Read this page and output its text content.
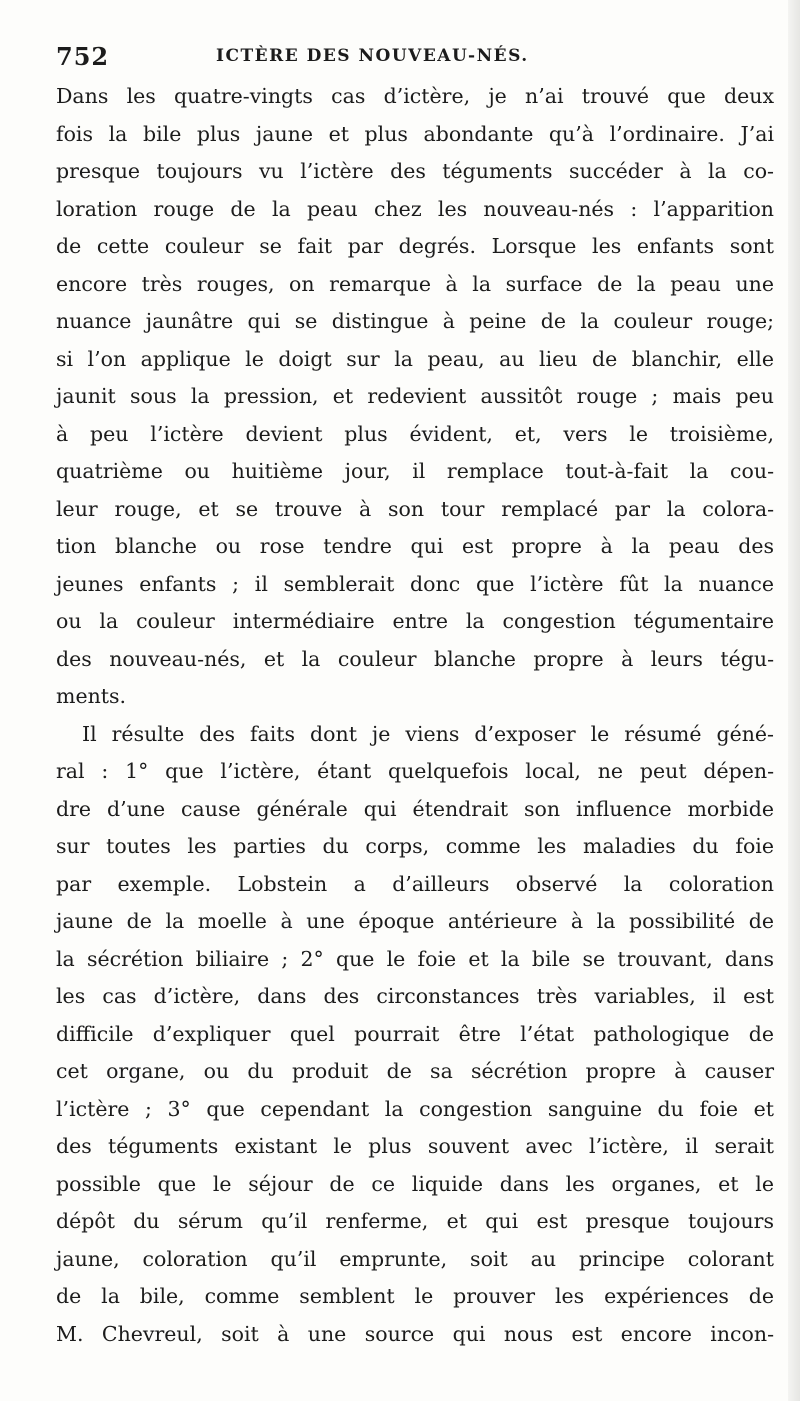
752	ICTÈRE DES NOUVEAU-NÉS.
Dans les quatre-vingts cas d’ictère, je n’ai trouvé que deux
fois la bile plus jaune et plus abondante qu’à l’ordinaire. J’ai
presque toujours vu l’ictère des téguments succéder à la co-
loration rouge de la peau chez les nouveau-nés : l’apparition
de cette couleur se fait par degrés. Lorsque les enfants sont
encore très rouges, on remarque à la surface de la peau une
nuance jaunâtre qui se distingue à peine de la couleur rouge;
si l’on applique le doigt sur la peau, au lieu de blanchir, elle
jaunit sous la pression, et redevient aussitôt rouge ; mais peu
à peu l’ictère devient plus évident, et, vers le troisième,
quatrième ou huitième jour, il remplace tout-à-fait la cou-
leur rouge, et se trouve à son tour remplacé par la colora-
tion blanche ou rose tendre qui est propre à la peau des
jeunes enfants ; il semblerait donc que l’ictère fût la nuance
ou la couleur intermédiaire entre la congestion tégumentaire
des nouveau-nés, et la couleur blanche propre à leurs tégu-
ments.
Il résulte des faits dont je viens d’exposer le résumé géné-
ral : 1° que l’ictère, étant quelquefois local, ne peut dépen-
dre d’une cause générale qui étendrait son influence morbide
sur toutes les parties du corps, comme les maladies du foie
par exemple. Lobstein a d’ailleurs observé la coloration
jaune de la moelle à une époque antérieure à la possibilité de
la sécrétion biliaire ; 2° que le foie et la bile se trouvant, dans
les cas d’ictère, dans des circonstances très variables, il est
difficile d’expliquer quel pourrait être l’état pathologique de
cet organe, ou du produit de sa sécrétion propre à causer
l’ictère ; 3° que cependant la congestion sanguine du foie et
des téguments existant le plus souvent avec l’ictère, il serait
possible que le séjour de ce liquide dans les organes, et le
dépôt du sérum qu’il renferme, et qui est presque toujours
jaune, coloration qu’il emprunte, soit au principe colorant
de la bile, comme semblent le prouver les expériences de
M. Chevreul, soit à une source qui nous est encore incon-
